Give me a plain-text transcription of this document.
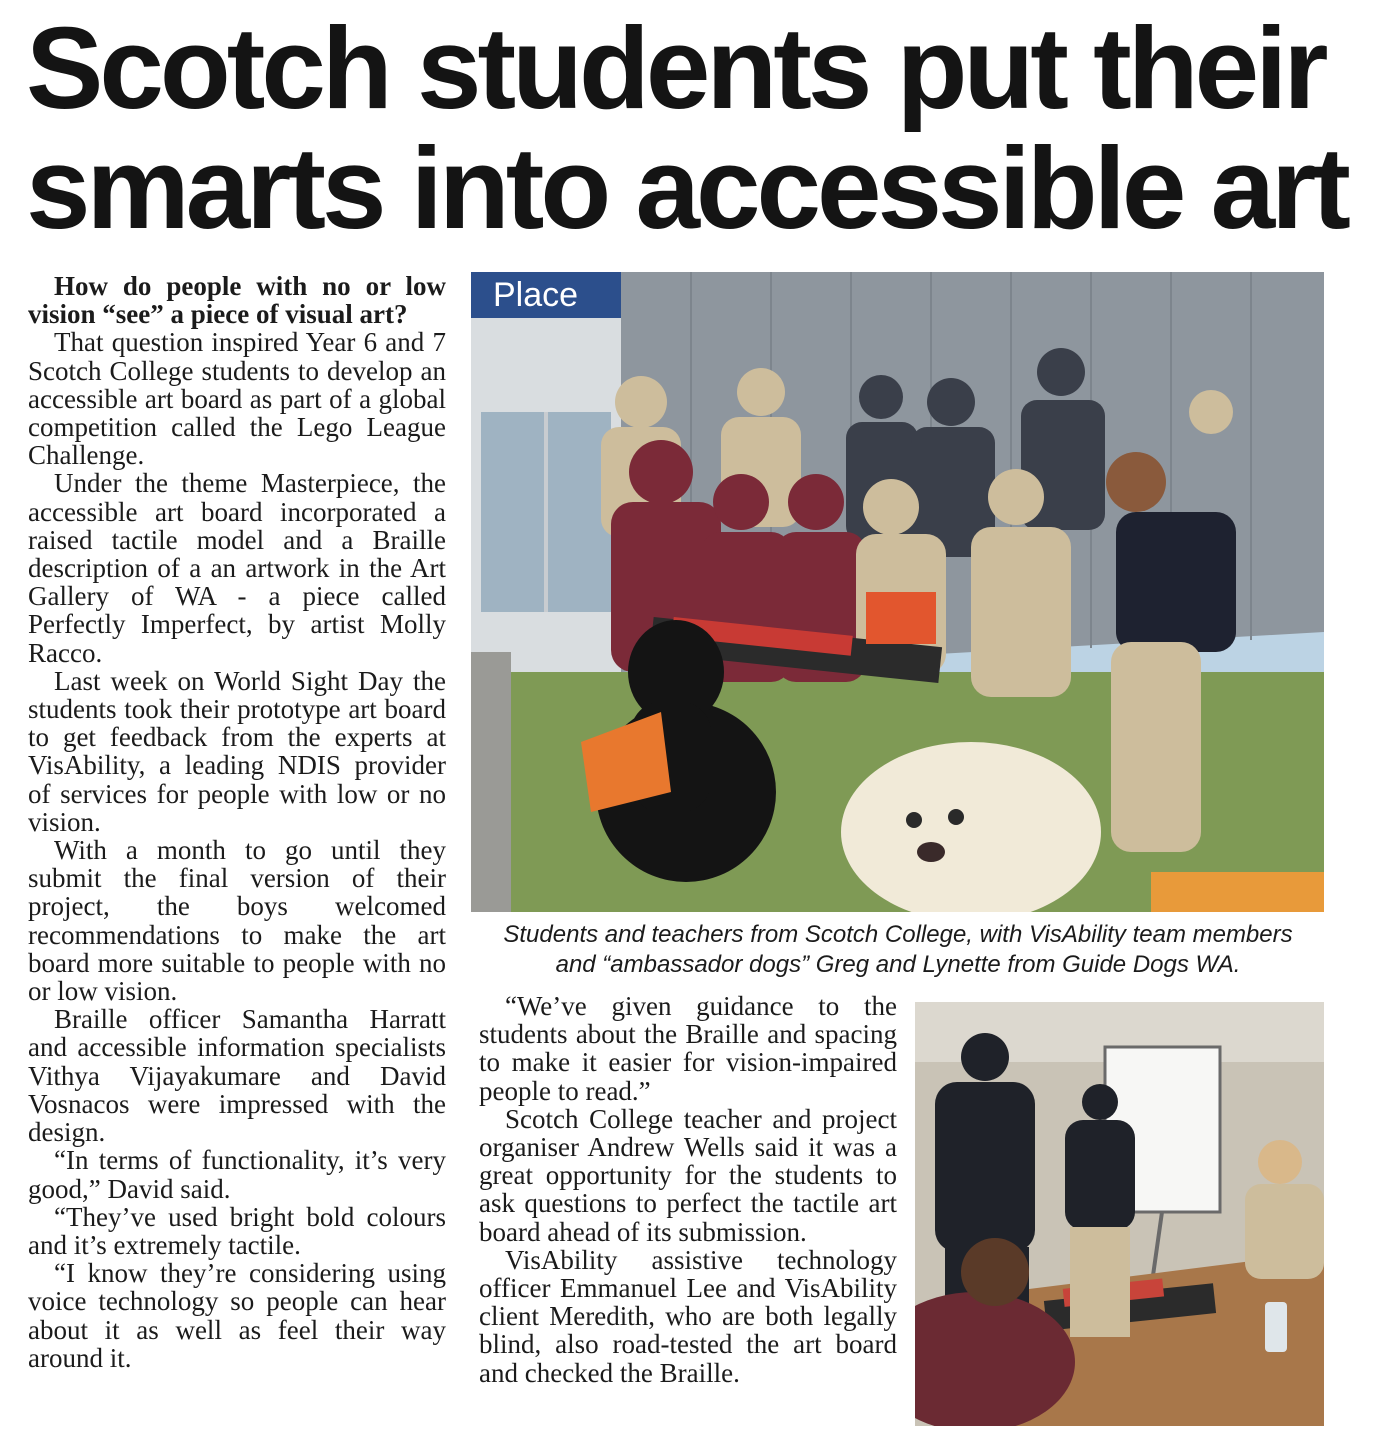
Scotch students put their smarts into accessible art

How do people with no or low vision “see” a piece of visual art?

That question inspired Year 6 and 7 Scotch College students to develop an accessible art board as part of a global competition called the Lego League Challenge.

Under the theme Masterpiece, the accessible art board incorporated a raised tactile model and a Braille description of a an artwork in the Art Gallery of WA - a piece called Perfectly Imperfect, by artist Molly Racco.

Last week on World Sight Day the students took their prototype art board to get feedback from the experts at VisAbility, a leading NDIS provider of services for people with low or no vision.

With a month to go until they submit the final version of their project, the boys welcomed recommendations to make the art board more suitable to people with no or low vision.

Braille officer Samantha Harratt and accessible information specialists Vithya Vijayakumare and David Vosnacos were impressed with the design.

“In terms of functionality, it’s very good,” David said.

“They’ve used bright bold colours and it’s extremely tactile.

“I know they’re considering using voice technology so people can hear about it as well as feel their way around it.

Place
Students and teachers from Scotch College, with VisAbility team members
and “ambassador dogs” Greg and Lynette from Guide Dogs WA.

“We’ve given guidance to the students about the Braille and spacing to make it easier for vision-impaired people to read.”

Scotch College teacher and project organiser Andrew Wells said it was a great opportunity for the students to ask questions to perfect the tactile art board ahead of its submission.

VisAbility assistive technology officer Emmanuel Lee and VisAbility client Meredith, who are both legally blind, also road-tested the art board and checked the Braille.
